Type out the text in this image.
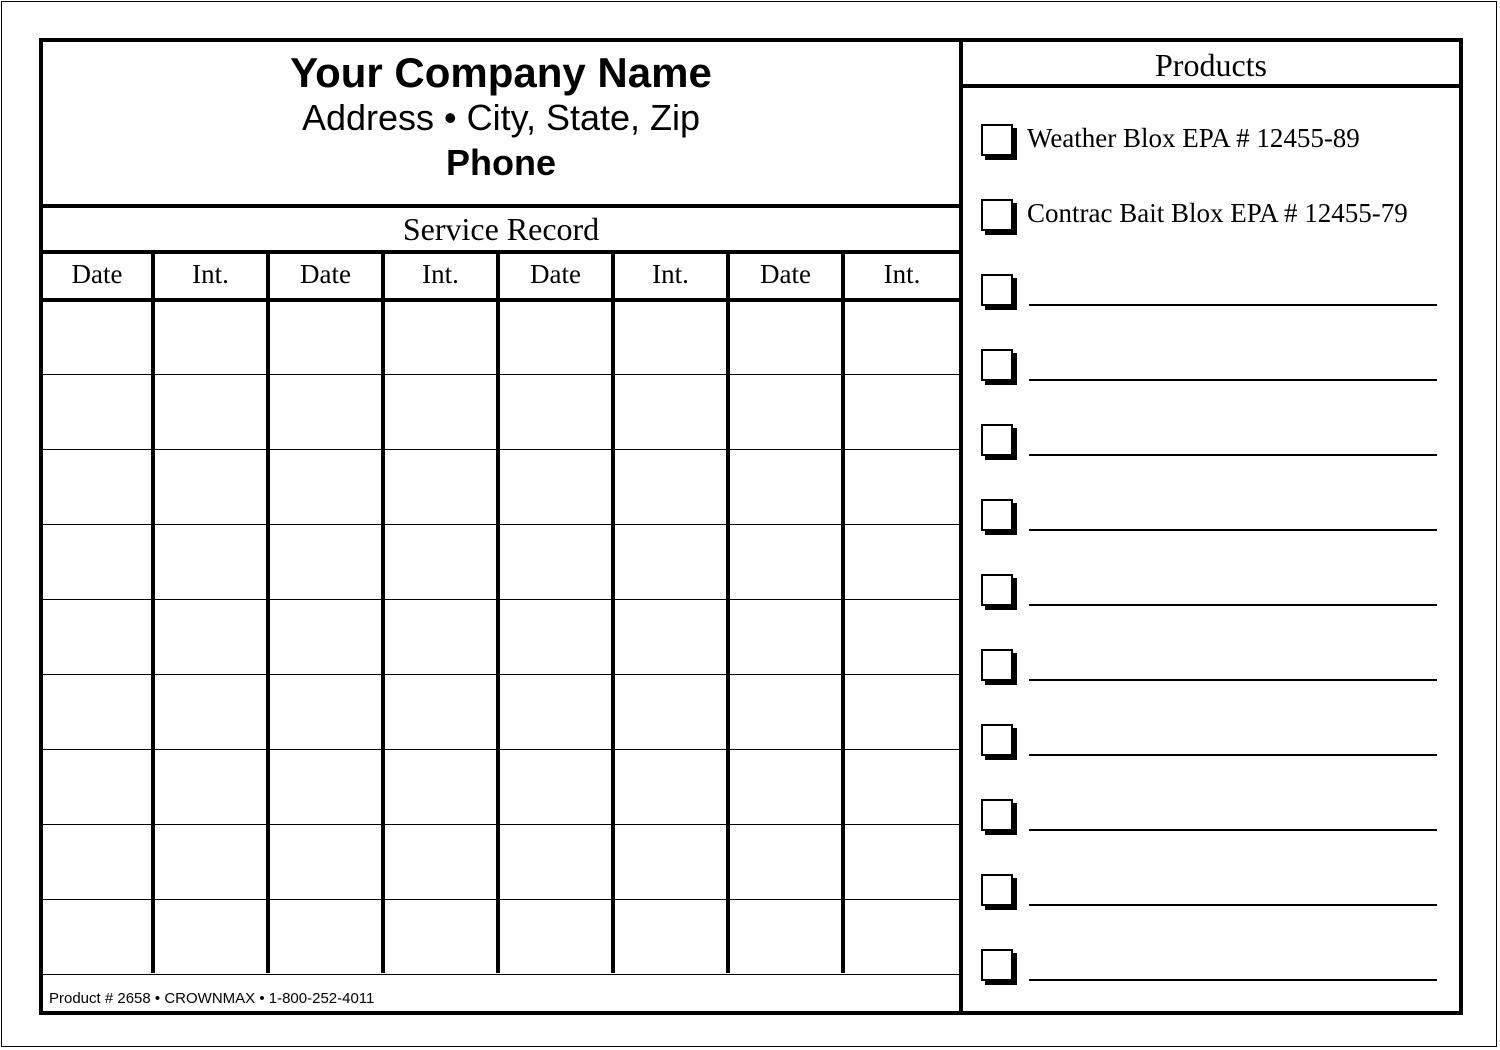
Your Company Name
Address • City, State, Zip
Phone
Service Record
Date	Int.	Date	Int.	Date	Int.	Date	Int.
Product # 2658 • CROWNMAX • 1-800-252-4011
Products
Weather Blox EPA # 12455-89
Contrac Bait Blox EPA # 12455-79
